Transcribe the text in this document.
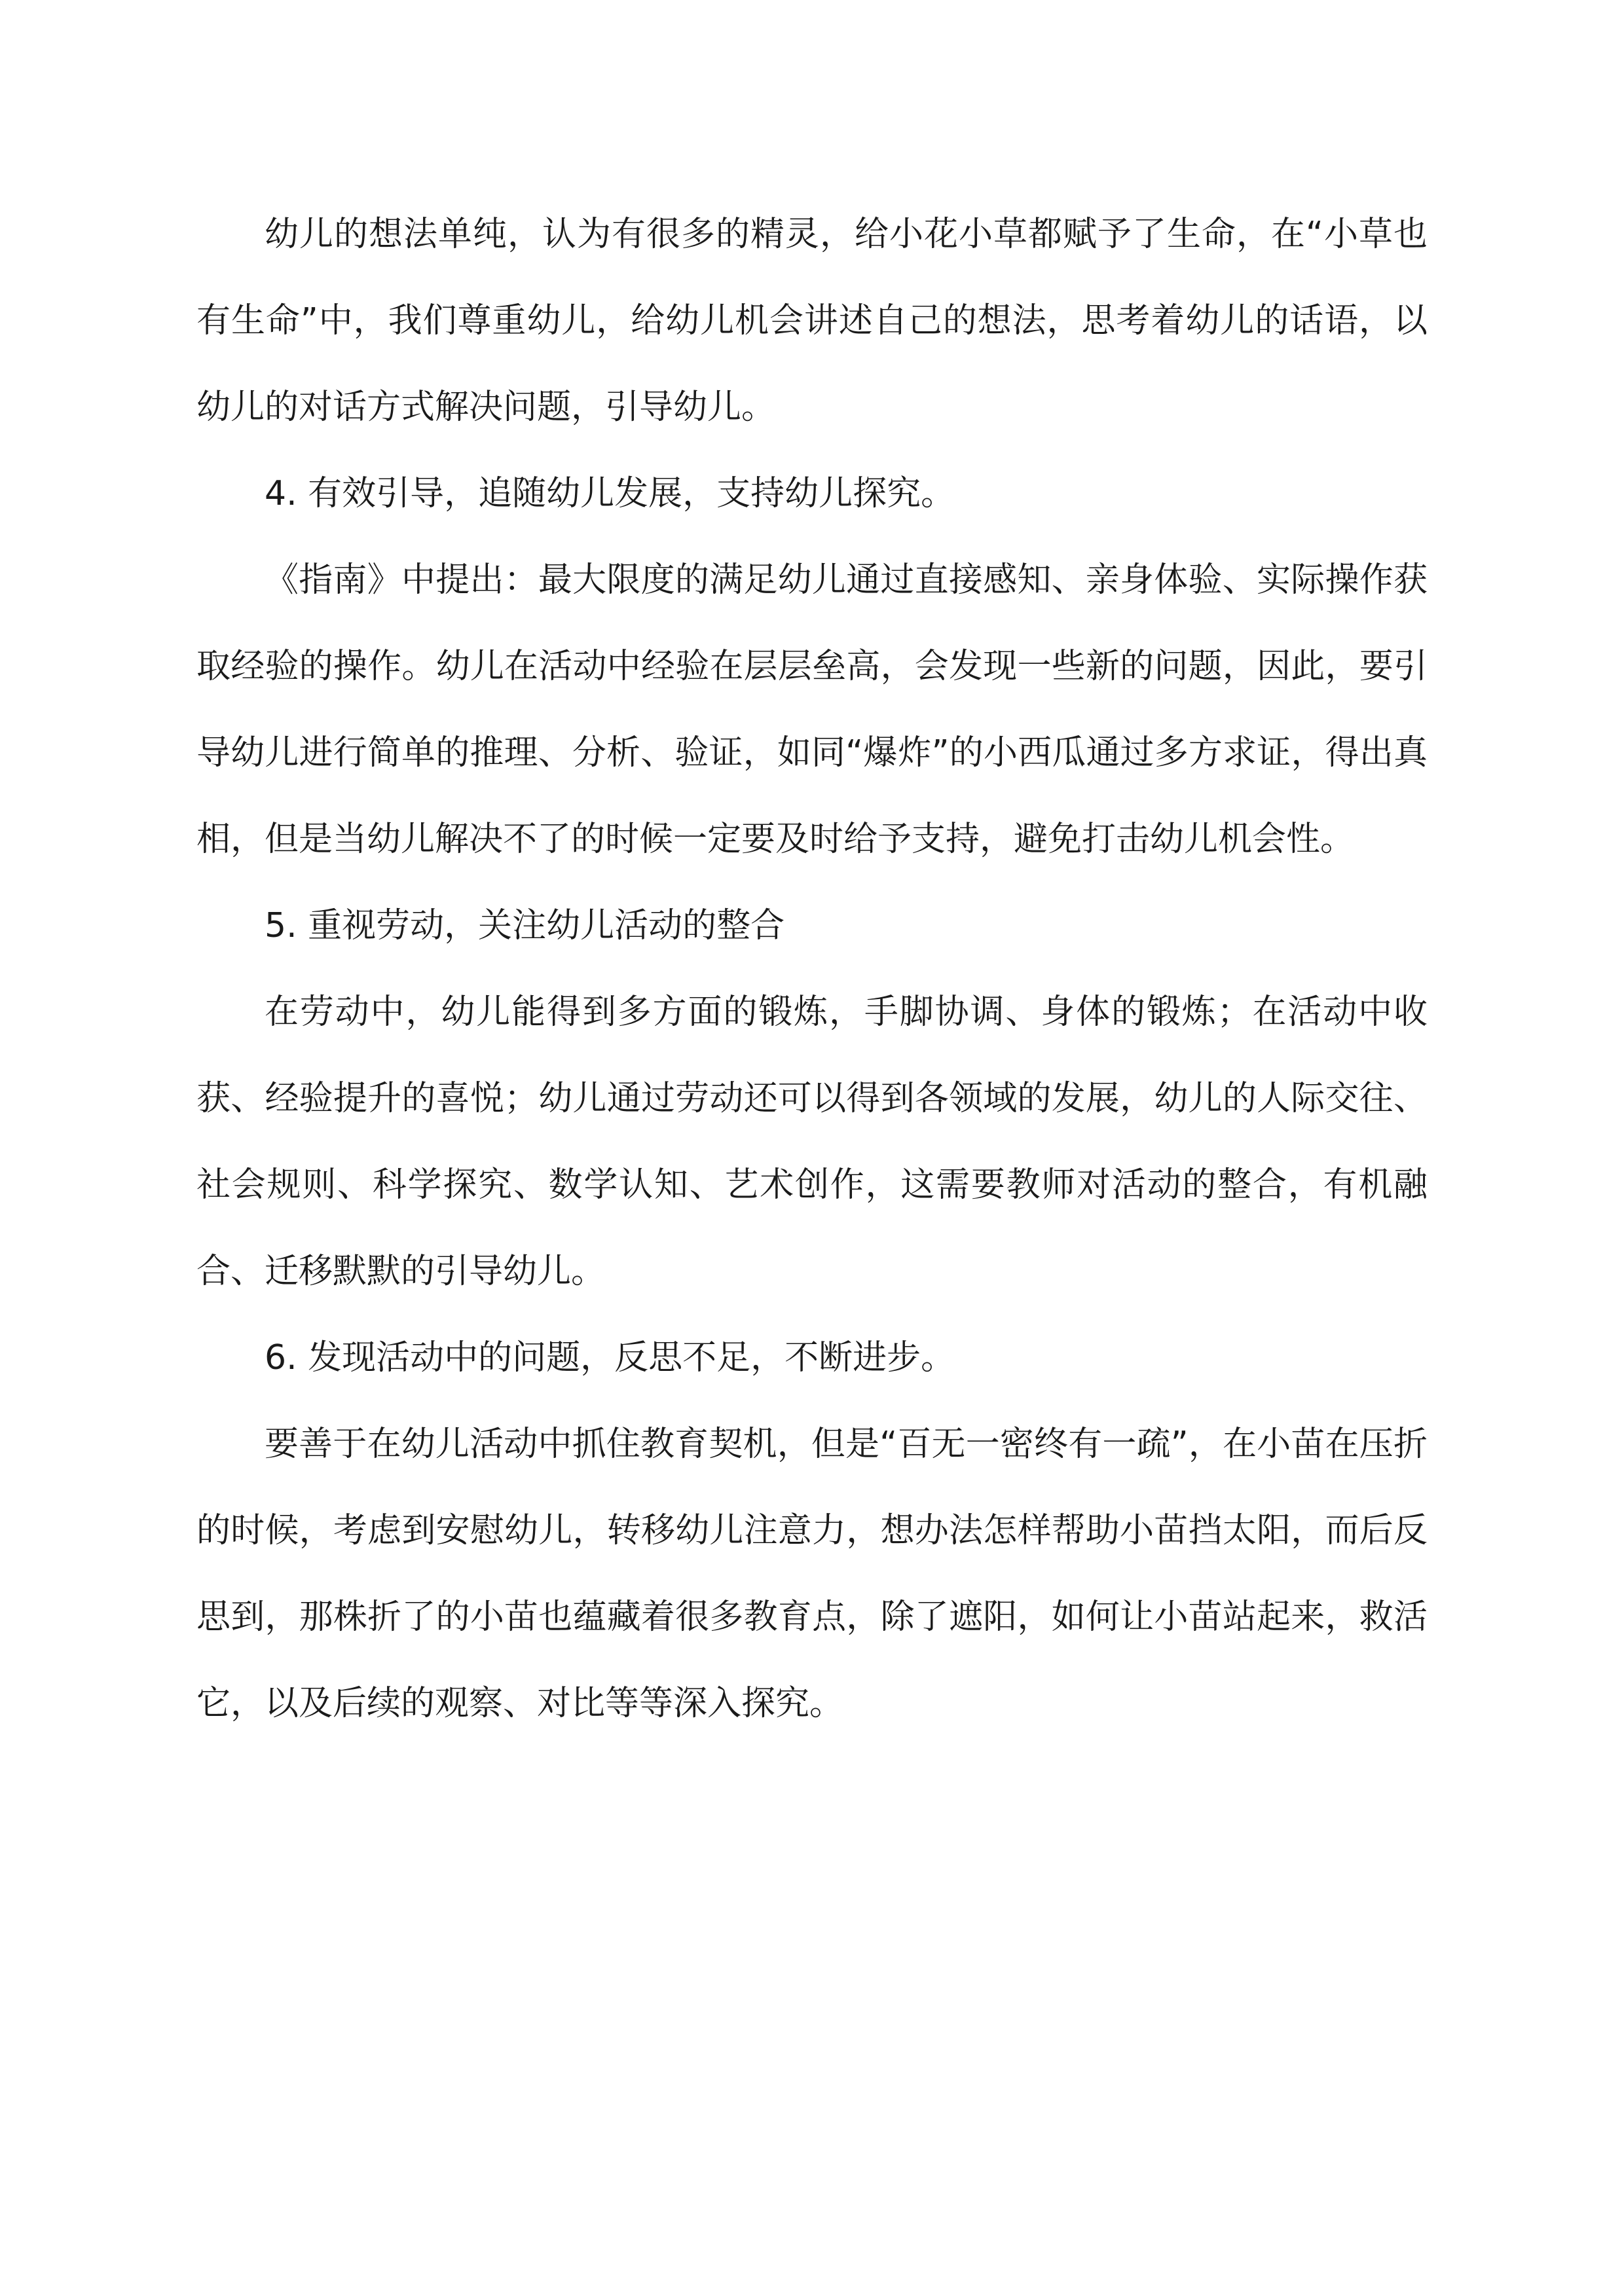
幼儿的想法单纯，认为有很多的精灵，给小花小草都赋予了生命，在“小草也有生命”中，我们尊重幼儿，给幼儿机会讲述自己的想法，思考着幼儿的话语，以幼儿的对话方式解决问题，引导幼儿。

4. 有效引导，追随幼儿发展，支持幼儿探究。

《指南》中提出：最大限度的满足幼儿通过直接感知、亲身体验、实际操作获取经验的操作。幼儿在活动中经验在层层垒高，会发现一些新的问题，因此，要引导幼儿进行简单的推理、分析、验证，如同“爆炸”的小西瓜通过多方求证，得出真相，但是当幼儿解决不了的时候一定要及时给予支持，避免打击幼儿机会性。

5. 重视劳动，关注幼儿活动的整合

在劳动中，幼儿能得到多方面的锻炼，手脚协调、身体的锻炼；在活动中收获、经验提升的喜悦；幼儿通过劳动还可以得到各领域的发展，幼儿的人际交往、社会规则、科学探究、数学认知、艺术创作，这需要教师对活动的整合，有机融合、迁移默默的引导幼儿。

6. 发现活动中的问题，反思不足，不断进步。

要善于在幼儿活动中抓住教育契机，但是“百无一密终有一疏”，在小苗在压折的时候，考虑到安慰幼儿，转移幼儿注意力，想办法怎样帮助小苗挡太阳，而后反思到，那株折了的小苗也蕴藏着很多教育点，除了遮阳，如何让小苗站起来，救活它，以及后续的观察、对比等等深入探究。
